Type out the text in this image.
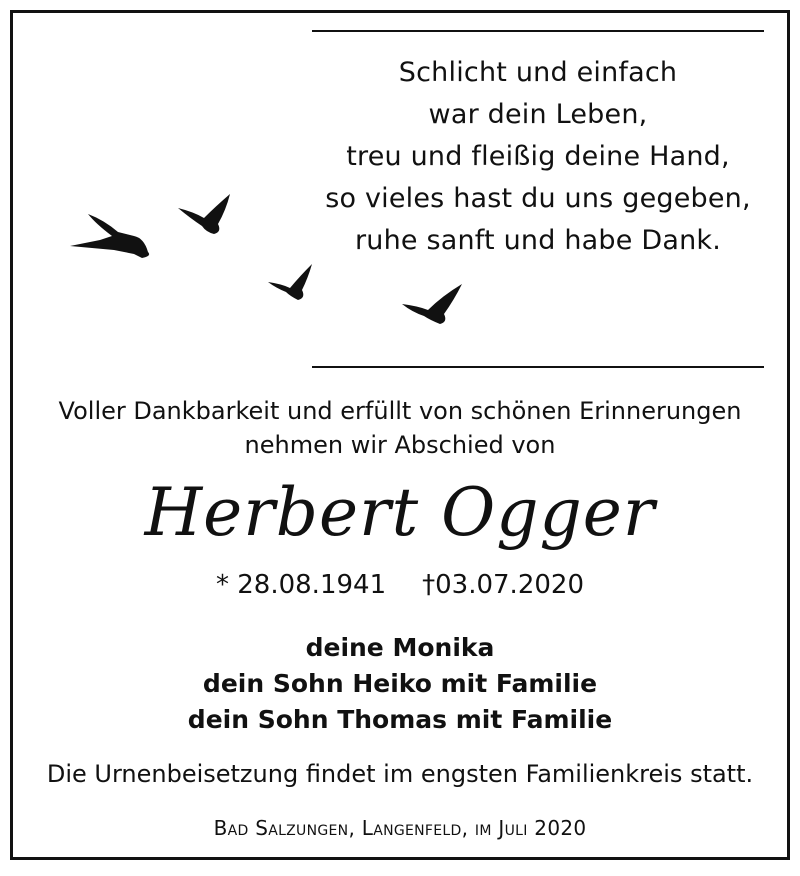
Schlicht und einfach
war dein Leben,
treu und fleißig deine Hand,
so vieles hast du uns gegeben,
ruhe sanft und habe Dank.
Voller Dankbarkeit und erfüllt von schönen Erinnerungen
nehmen wir Abschied von
Herbert Ogger
* 28.08.1941 †03.07.2020
deine Monika
dein Sohn Heiko mit Familie
dein Sohn Thomas mit Familie
Die Urnenbeisetzung findet im engsten Familienkreis statt.
Bad Salzungen, Langenfeld, im Juli 2020
